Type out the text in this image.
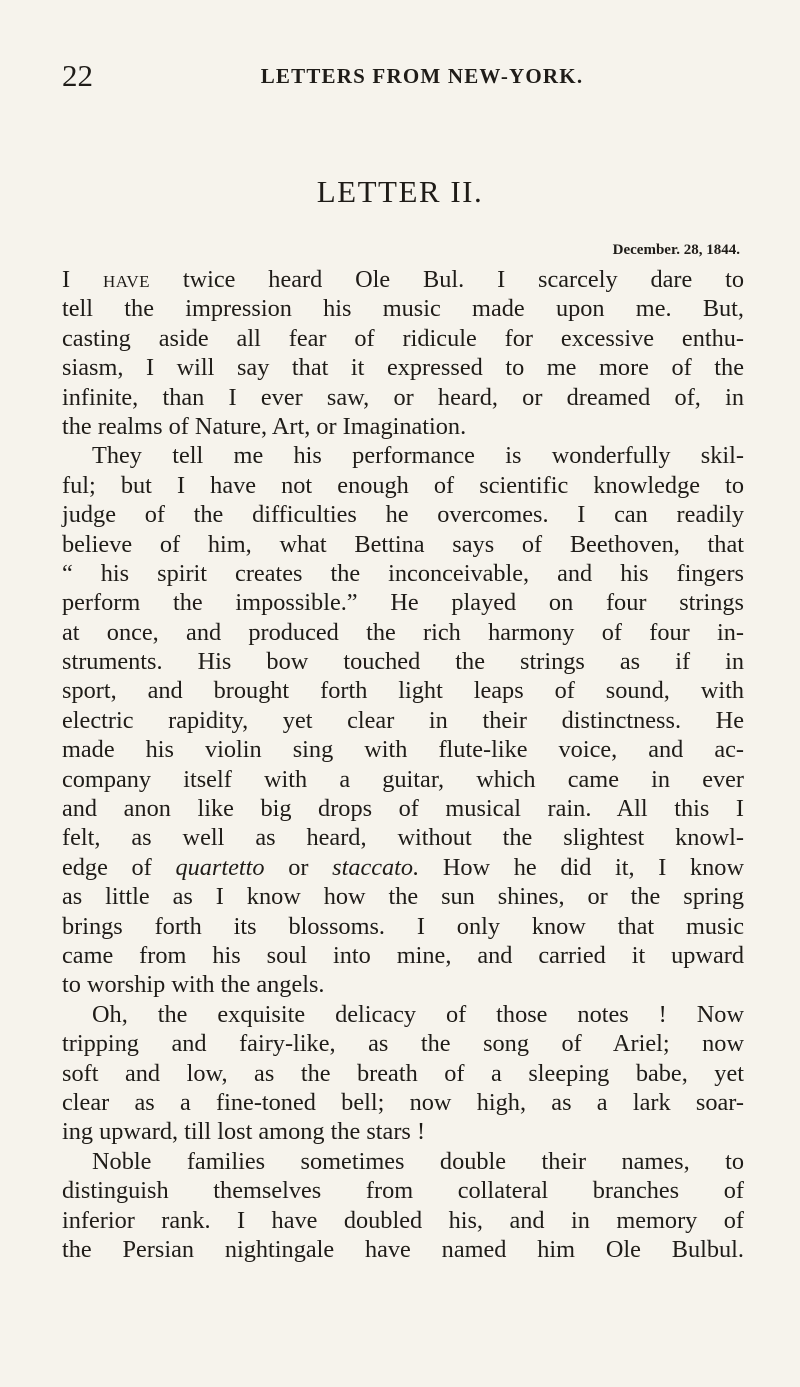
22	LETTERS FROM NEW-YORK.
LETTER II.
December. 28, 1844.
I have twice heard Ole Bul. I scarcely dare to
tell the impression his music made upon me. But,
casting aside all fear of ridicule for excessive enthu-
siasm, I will say that it expressed to me more of the
infinite, than I ever saw, or heard, or dreamed of, in
the realms of Nature, Art, or Imagination.
They tell me his performance is wonderfully skil-
ful; but I have not enough of scientific knowledge to
judge of the difficulties he overcomes. I can readily
believe of him, what Bettina says of Beethoven, that
“ his spirit creates the inconceivable, and his fingers
perform the impossible.” He played on four strings
at once, and produced the rich harmony of four in-
struments. His bow touched the strings as if in
sport, and brought forth light leaps of sound, with
electric rapidity, yet clear in their distinctness. He
made his violin sing with flute-like voice, and ac-
company itself with a guitar, which came in ever
and anon like big drops of musical rain. All this I
felt, as well as heard, without the slightest knowl-
edge of quartetto or staccato. How he did it, I know
as little as I know how the sun shines, or the spring
brings forth its blossoms. I only know that music
came from his soul into mine, and carried it upward
to worship with the angels.
Oh, the exquisite delicacy of those notes ! Now
tripping and fairy-like, as the song of Ariel; now
soft and low, as the breath of a sleeping babe, yet
clear as a fine-toned bell; now high, as a lark soar-
ing upward, till lost among the stars !
Noble families sometimes double their names, to
distinguish themselves from collateral branches of
inferior rank. I have doubled his, and in memory of
the Persian nightingale have named him Ole Bulbul.
